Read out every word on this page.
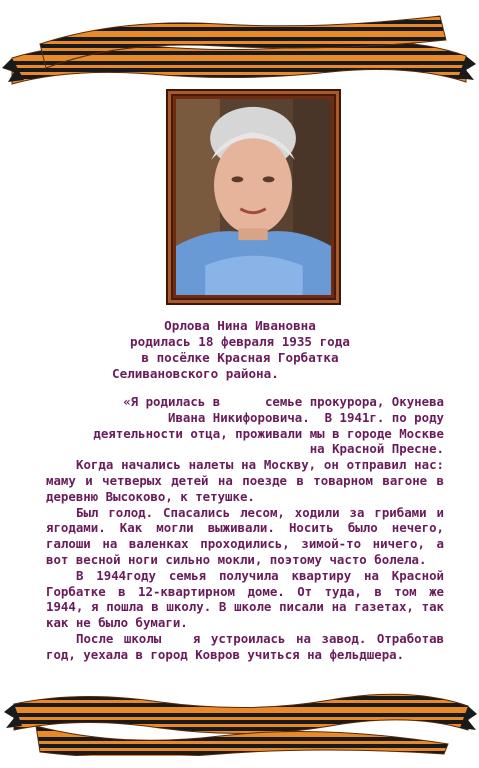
Орлова Нина Ивановна
родилась 18 февраля 1935 года
в посёлке Красная Горбатка
Селивановского района.

«Я родилась в      семье прокурора, Окунева

Ивана Никифоровича.  В 1941г. по роду

деятельности отца, проживали мы в городе Москве

на Красной Пресне.

Когда начались налеты на Москву, он отправил нас: маму и четверых детей на поезде в товарном вагоне в деревню Высоково, к тетушке.

Был голод. Спасались лесом, ходили за грибами и ягодами. Как могли выживали. Носить было нечего, галоши на валенках проходились, зимой-то ничего, а вот весной ноги сильно мокли, поэтому часто болела.

В 1944году семья получила квартиру на Красной Горбатке в 12-квартирном доме. От туда, в том же 1944, я пошла в школу. В школе писали на газетах, так как не было бумаги.

После школы   я устроилась на завод. Отработав год, уехала в город Ковров учиться на фельдшера.
